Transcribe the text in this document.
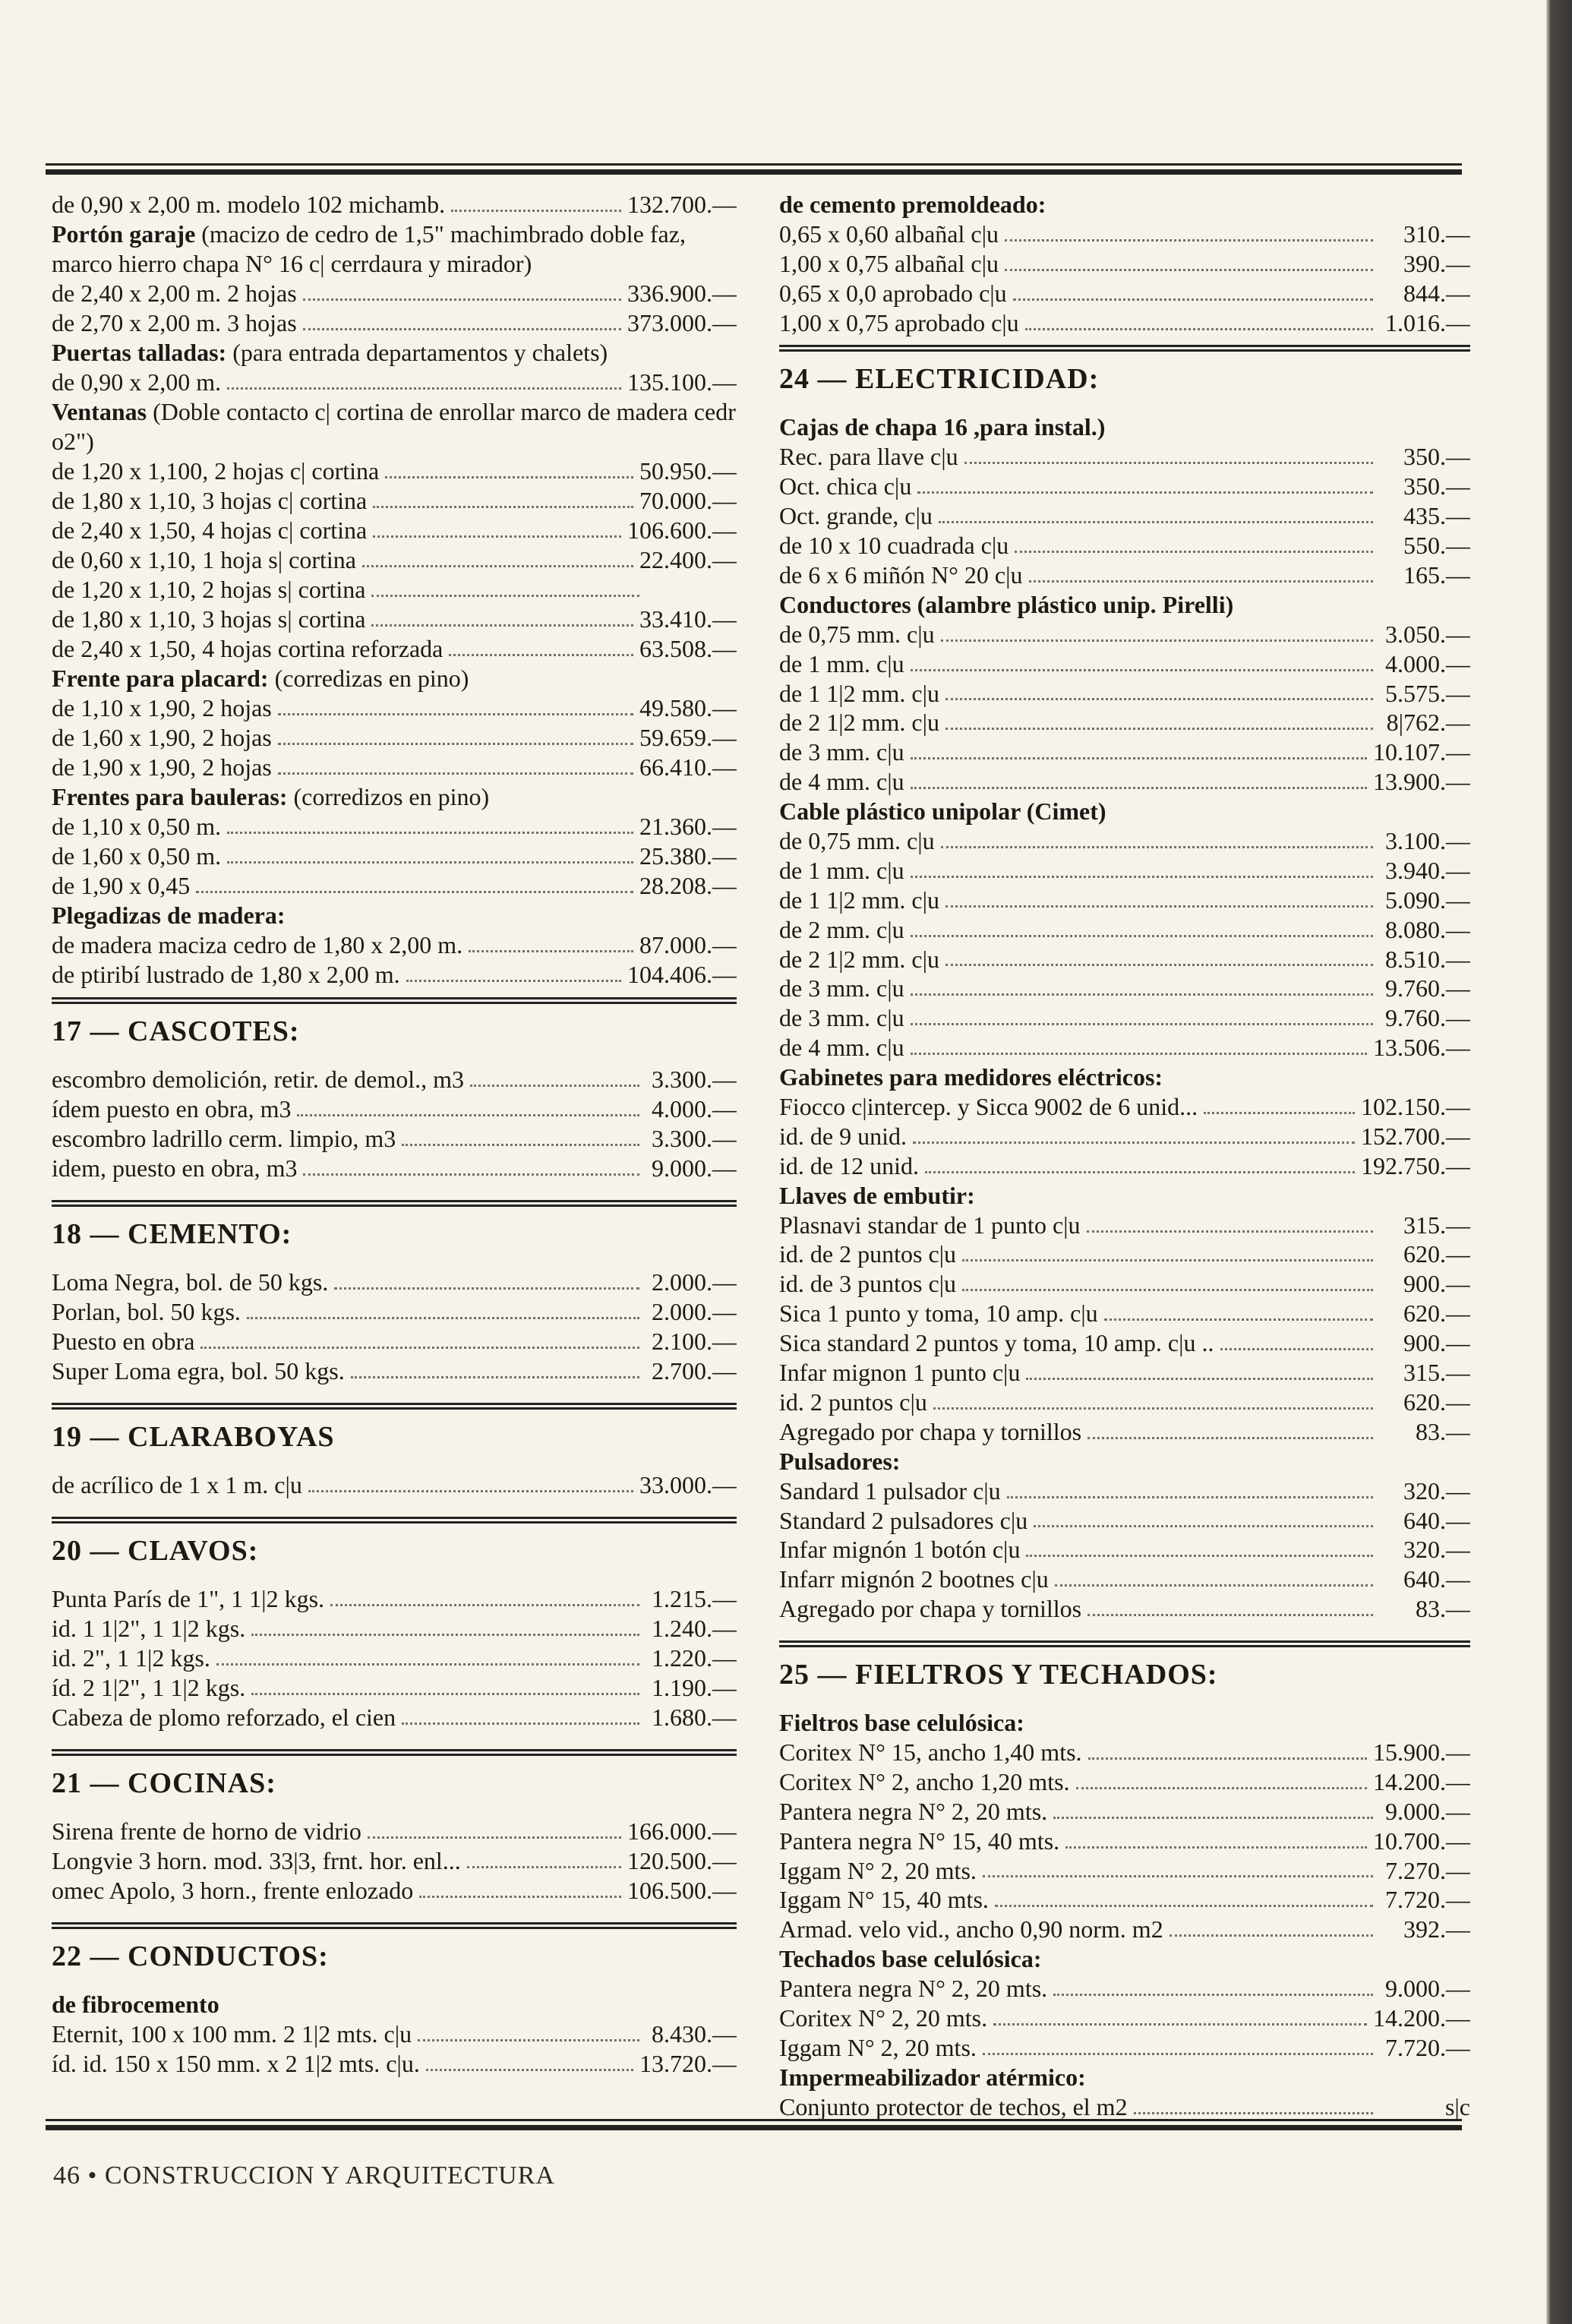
de 0,90 x 2,00 m. modelo 102 michamb.	132.700.—
Portón garaje (macizo de cedro de 1,5" machimbrado doble faz, marco hierro chapa N° 16 c| cerrdaura y mirador)
de 2,40 x 2,00 m. 2 hojas	336.900.—
de 2,70 x 2,00 m. 3 hojas	373.000.—
Puertas talladas: (para entrada departamentos y chalets)
de 0,90 x 2,00 m.	135.100.—
Ventanas (Doble contacto c| cortina de enrollar marco de madera cedr o2")
de 1,20 x 1,100, 2 hojas c| cortina	50.950.—
de 1,80 x 1,10, 3 hojas c| cortina	70.000.—
de 2,40 x 1,50, 4 hojas c| cortina	106.600.—
de 0,60 x 1,10, 1 hoja s| cortina	22.400.—
de 1,20 x 1,10, 2 hojas s| cortina
de 1,80 x 1,10, 3 hojas s| cortina	33.410.—
de 2,40 x 1,50, 4 hojas cortina reforzada	63.508.—
Frente para placard: (corredizas en pino)
de 1,10 x 1,90, 2 hojas	49.580.—
de 1,60 x 1,90, 2 hojas	59.659.—
de 1,90 x 1,90, 2 hojas	66.410.—
Frentes para bauleras: (corredizos en pino)
de 1,10 x 0,50 m.	21.360.—
de 1,60 x 0,50 m.	25.380.—
de 1,90 x 0,45	28.208.—
Plegadizas de madera:
de madera maciza cedro de 1,80 x 2,00 m.	87.000.—
de ptiribí lustrado de 1,80 x 2,00 m.	104.406.—
17 — CASCOTES:
escombro demolición, retir. de demol., m3	3.300.—
ídem puesto en obra, m3	4.000.—
escombro ladrillo cerm. limpio, m3	3.300.—
idem, puesto en obra, m3	9.000.—
18 — CEMENTO:
Loma Negra, bol. de 50 kgs.	2.000.—
Porlan, bol. 50 kgs.	2.000.—
Puesto en obra	2.100.—
Super Loma egra, bol. 50 kgs.	2.700.—
19 — CLARABOYAS
de acrílico de 1 x 1 m. c|u	33.000.—
20 — CLAVOS:
Punta París de 1", 1 1|2 kgs.	1.215.—
id. 1 1|2", 1 1|2 kgs.	1.240.—
id. 2", 1 1|2 kgs.	1.220.—
íd. 2 1|2", 1 1|2 kgs.	1.190.—
Cabeza de plomo reforzado, el cien	1.680.—
21 — COCINAS:
Sirena frente de horno de vidrio	166.000.—
Longvie 3 horn. mod. 33|3, frnt. hor. enl...	120.500.—
omec Apolo, 3 horn., frente enlozado	106.500.—
22 — CONDUCTOS:
de fibrocemento
Eternit, 100 x 100 mm. 2 1|2 mts. c|u	8.430.—
íd. id. 150 x 150 mm. x 2 1|2 mts. c|u.	13.720.—
de cemento premoldeado:
0,65 x 0,60 albañal c|u	310.—
1,00 x 0,75 albañal c|u	390.—
0,65 x 0,0 aprobado c|u	844.—
1,00 x 0,75 aprobado c|u	1.016.—
24 — ELECTRICIDAD:
Cajas de chapa 16 ,para instal.)
Rec. para llave c|u	350.—
Oct. chica c|u	350.—
Oct. grande, c|u	435.—
de 10 x 10 cuadrada c|u	550.—
de 6 x 6 miñón N° 20 c|u	165.—
Conductores (alambre plástico unip. Pirelli)
de 0,75 mm. c|u	3.050.—
de 1 mm. c|u	4.000.—
de 1 1|2 mm. c|u	5.575.—
de 2 1|2 mm. c|u	8|762.—
de 3 mm. c|u	10.107.—
de 4 mm. c|u	13.900.—
Cable plástico unipolar (Cimet)
de 0,75 mm. c|u	3.100.—
de 1 mm. c|u	3.940.—
de 1 1|2 mm. c|u	5.090.—
de 2 mm. c|u	8.080.—
de 2 1|2 mm. c|u	8.510.—
de 3 mm. c|u	9.760.—
de 3 mm. c|u	9.760.—
de 4 mm. c|u	13.506.—
Gabinetes para medidores eléctricos:
Fiocco c|intercep. y Sicca 9002 de 6 unid...	102.150.—
id. de 9 unid.	152.700.—
id. de 12 unid.	192.750.—
Llaves de embutir:
Plasnavi standar de 1 punto c|u	315.—
id. de 2 puntos c|u	620.—
id. de 3 puntos c|u	900.—
Sica 1 punto y toma, 10 amp. c|u	620.—
Sica standard 2 puntos y toma, 10 amp. c|u ..	900.—
Infar mignon 1 punto c|u	315.—
id. 2 puntos c|u	620.—
Agregado por chapa y tornillos	83.—
Pulsadores:
Sandard 1 pulsador c|u	320.—
Standard 2 pulsadores c|u	640.—
Infar mignón 1 botón c|u	320.—
Infarr mignón 2 bootnes c|u	640.—
Agregado por chapa y tornillos	83.—
25 — FIELTROS Y TECHADOS:
Fieltros base celulósica:
Coritex N° 15, ancho 1,40 mts.	15.900.—
Coritex N° 2, ancho 1,20 mts.	14.200.—
Pantera negra N° 2, 20 mts.	9.000.—
Pantera negra N° 15, 40 mts.	10.700.—
Iggam N° 2, 20 mts.	7.270.—
Iggam N° 15, 40 mts.	7.720.—
Armad. velo vid., ancho 0,90 norm. m2	392.—
Techados base celulósica:
Pantera negra N° 2, 20 mts.	9.000.—
Coritex N° 2, 20 mts.	14.200.—
Iggam N° 2, 20 mts.	7.720.—
Impermeabilizador atérmico:
Conjunto protector de techos, el m2	s|c
46 • CONSTRUCCION Y ARQUITECTURA
